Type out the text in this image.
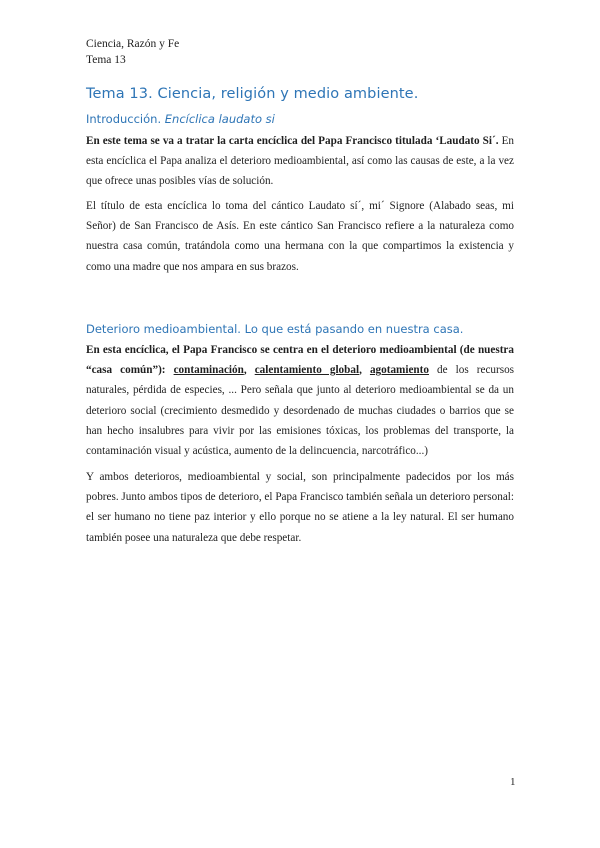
Ciencia, Razón y Fe
Tema 13
Tema 13. Ciencia, religión y medio ambiente.
Introducción. Encíclica laudato si

En este tema se va a tratar la carta encíclica del Papa Francisco titulada ‘Laudato Si´. En esta encíclica el Papa analiza el deterioro medioambiental, así como las causas de este, a la vez que ofrece unas posibles vías de solución.

El título de esta encíclica lo toma del cántico Laudato sí´, mi´ Signore (Alabado seas, mi Señor) de San Francisco de Asís. En este cántico San Francisco refiere a la naturaleza como nuestra casa común, tratándola como una hermana con la que compartimos la existencia y como una madre que nos ampara en sus brazos.

Deterioro medioambiental. Lo que está pasando en nuestra casa.

En esta encíclica, el Papa Francisco se centra en el deterioro medioambiental (de nuestra “casa común”): contaminación, calentamiento global, agotamiento de los recursos naturales, pérdida de especies, ... Pero señala que junto al deterioro medioambiental se da un deterioro social (crecimiento desmedido y desordenado de muchas ciudades o barrios que se han hecho insalubres para vivir por las emisiones tóxicas, los problemas del transporte, la contaminación visual y acústica, aumento de la delincuencia, narcotráfico...)

Y ambos deterioros, medioambiental y social, son principalmente padecidos por los más pobres. Junto ambos tipos de deterioro, el Papa Francisco también señala un deterioro personal: el ser humano no tiene paz interior y ello porque no se atiene a la ley natural. El ser humano también posee una naturaleza que debe respetar.

1
